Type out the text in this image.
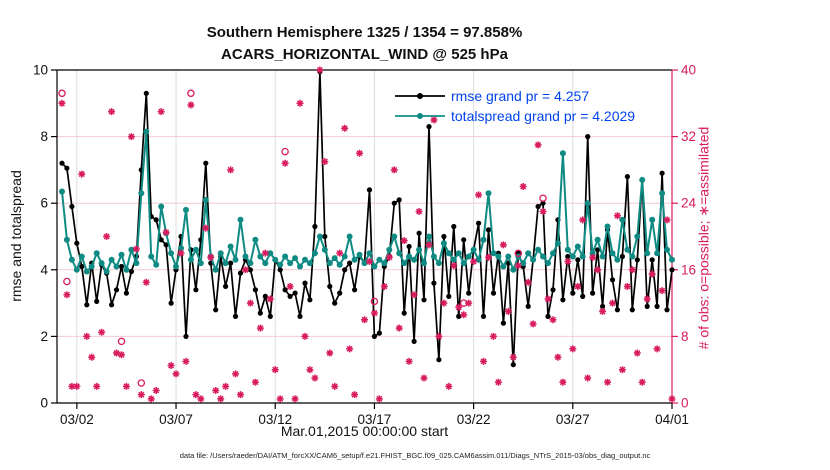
0
2
4
6
8
10
0
8
16
24
32
40
03/02	03/07	03/12	03/17	03/22	03/27	04/01
Southern Hemisphere 1325 / 1354 = 97.858%
ACARS_HORIZONTAL_WIND @ 525 hPa
rmse and totalspread	# of obs: o=possible; ∗=assimilated
Mar.01,2015 00:00:00 start
rmse grand pr = 4.257
totalspread grand pr = 4.2029
data file: /Users/raeder/DAI/ATM_forcXX/CAM6_setup/f.e21.FHIST_BGC.f09_025.CAM6assim.011/Diags_NTrS_2015-03/obs_diag_output.nc
